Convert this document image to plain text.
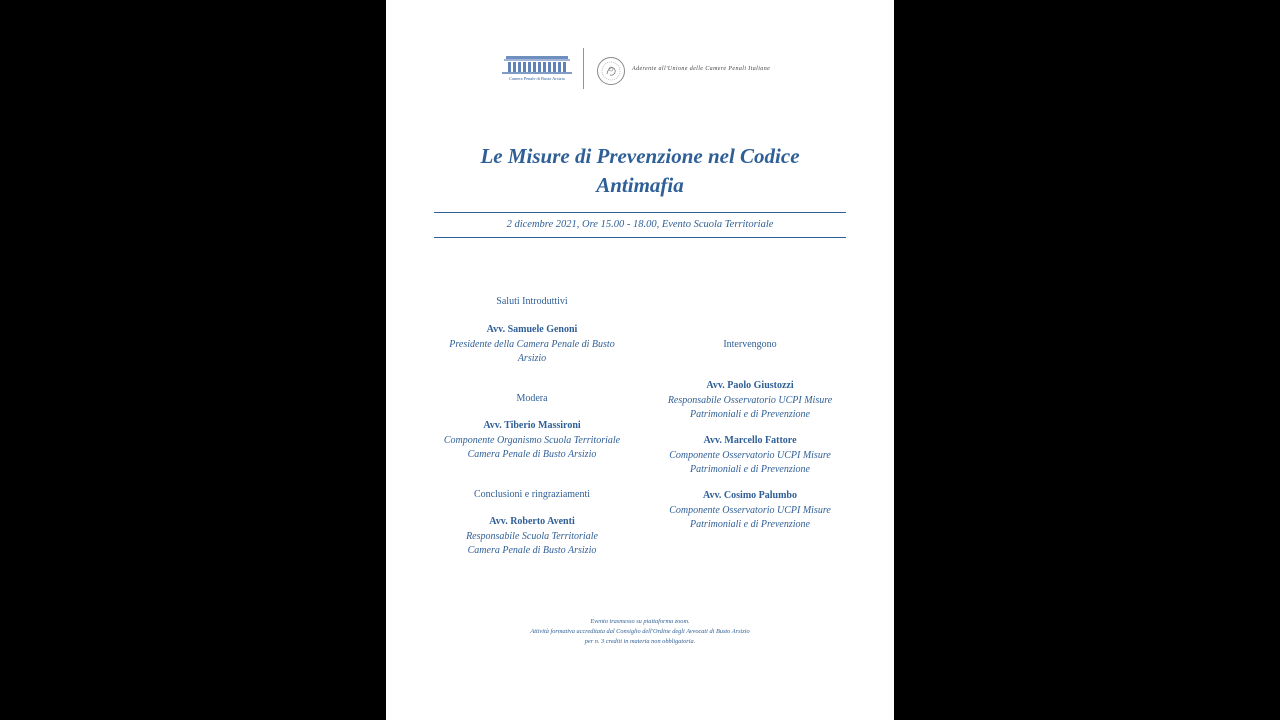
Camera Penale di Busto Arsizio
Aderente all'Unione delle Camere Penali Italiane
Le Misure di Prevenzione nel Codice
Antimafia
2 dicembre 2021, Ore 15.00 - 18.00, Evento Scuola Territoriale
Saluti Introduttivi
Avv. Samuele Genoni
Presidente della Camera Penale di Busto
Arsizio
Modera
Avv. Tiberio Massironi
Componente Organismo Scuola Territoriale
Camera Penale di Busto Arsizio
Conclusioni e ringraziamenti
Avv. Roberto Aventi
Responsabile Scuola Territoriale
Camera Penale di Busto Arsizio
Intervengono
Avv. Paolo Giustozzi
Responsabile Osservatorio UCPI Misure
Patrimoniali e di Prevenzione
Avv. Marcello Fattore
Componente Osservatorio UCPI Misure
Patrimoniali e di Prevenzione
Avv. Cosimo Palumbo
Componente Osservatorio UCPI Misure
Patrimoniali e di Prevenzione
Evento trasmesso su piattaforma zoom.
Attività formativa accreditata dal Consiglio dell'Ordine degli Avvocati di Busto Arsizio
per n. 3 crediti in materia non obbligatoria.
